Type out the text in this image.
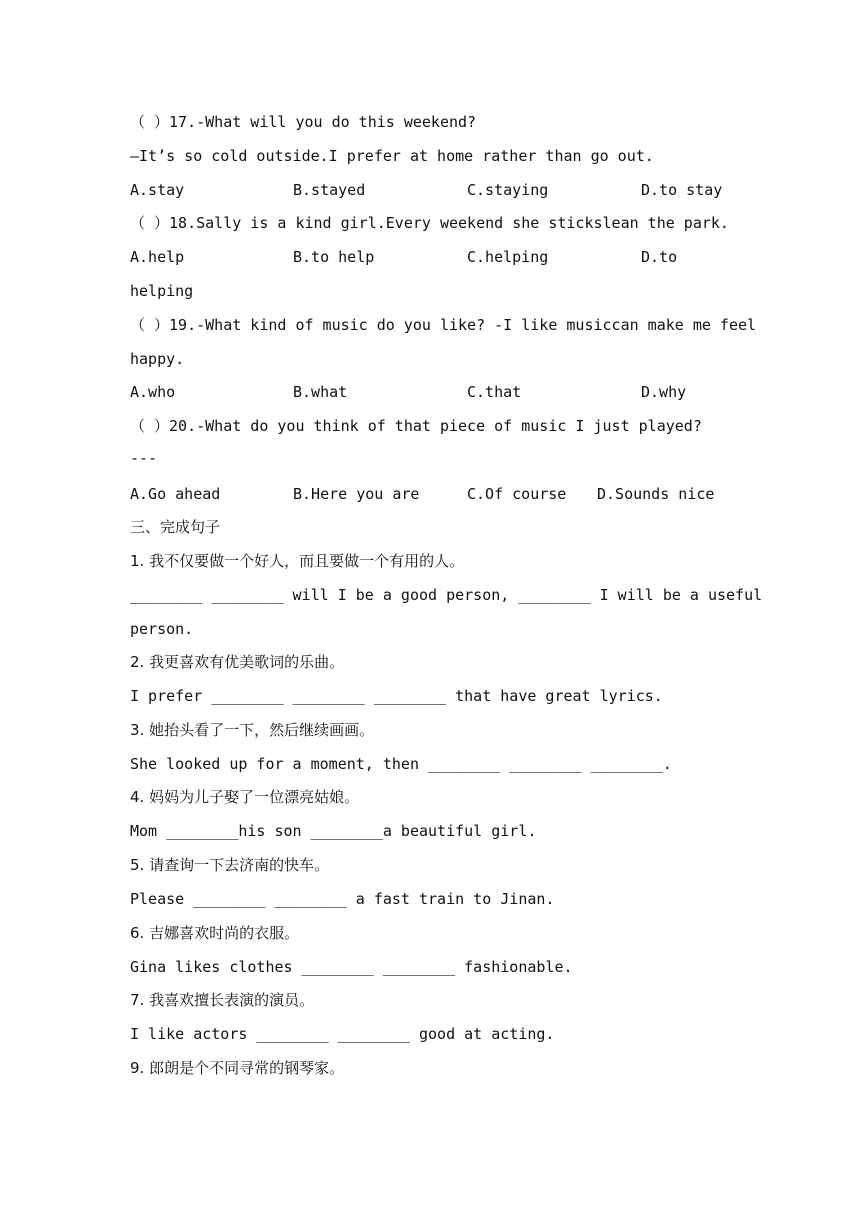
（ ）17.-What will you do this weekend?
—It’s so cold outside.I prefer at home rather than go out.
A.stay	B.stayed	C.staying	D.to stay
（ ）18.Sally is a kind girl.Every weekend she stickslean the park.
A.help	B.to help	C.helping	D.to
helping
（ ）19.-What kind of music do you like? -I like musiccan make me feel
happy.
A.who	B.what	C.that	D.why
（ ）20.-What do you think of that piece of music I just played?
---
A.Go ahead	B.Here you are	C.Of course D.Sounds nice
三、完成句子
1. 我不仅要做一个好人，而且要做一个有用的人。
________ ________ will I be a good person, ________ I will be a useful
person.
2. 我更喜欢有优美歌词的乐曲。
I prefer ________ ________ ________ that have great lyrics.
3. 她抬头看了一下，然后继续画画。
She looked up for a moment, then ________ ________ ________.
4. 妈妈为儿子娶了一位漂亮姑娘。
Mom ________his son ________a beautiful girl.
5. 请查询一下去济南的快车。
Please ________ ________ a fast train to Jinan.
6. 吉娜喜欢时尚的衣服。
Gina likes clothes ________ ________ fashionable.
7. 我喜欢擅长表演的演员。
I like actors ________ ________ good at acting.
9. 郎朗是个不同寻常的钢琴家。
